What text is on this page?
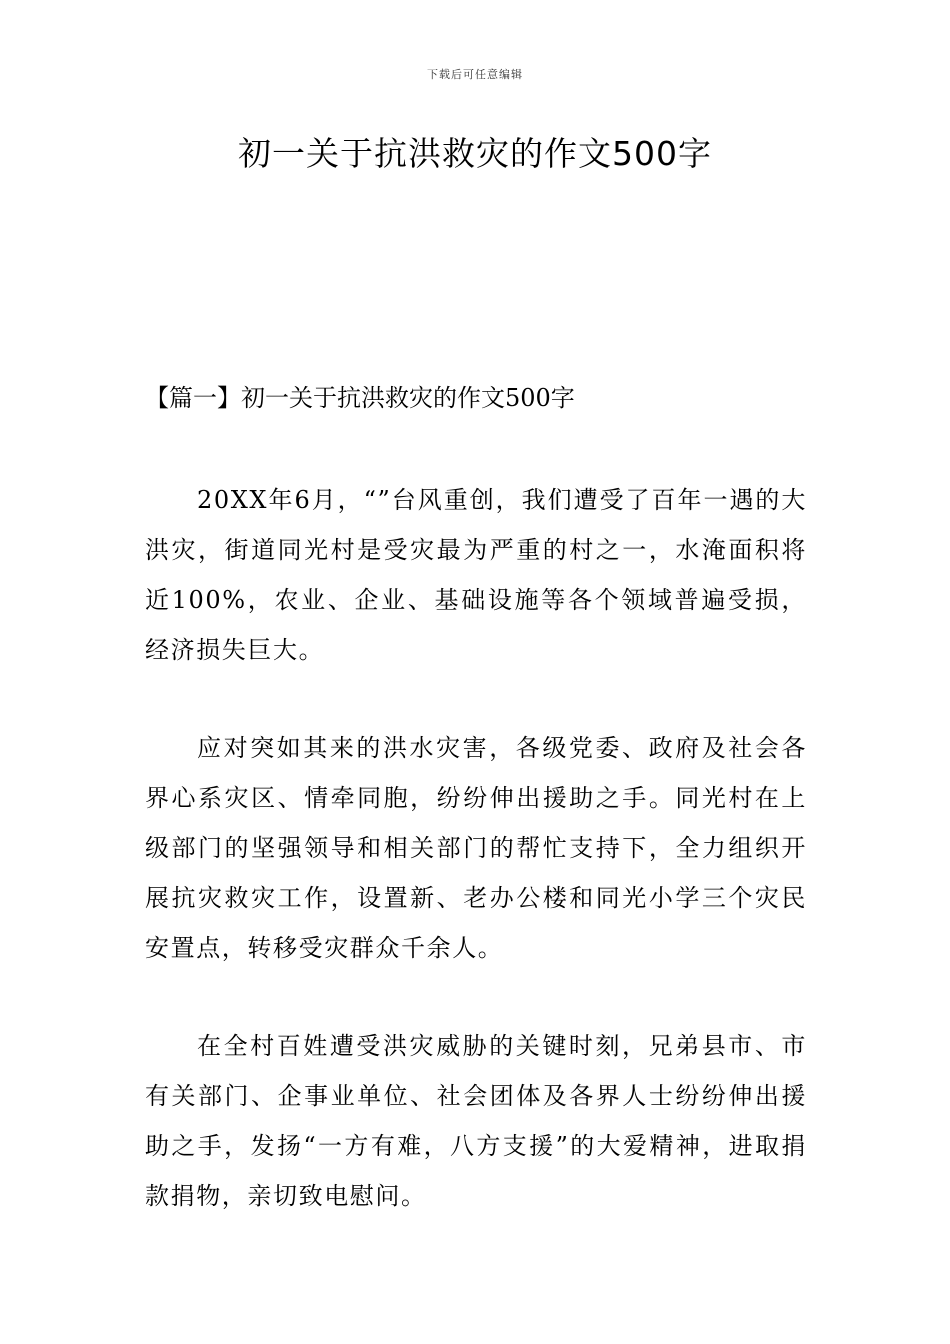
下载后可任意编辑
初一关于抗洪救灾的作文500字
【篇一】初一关于抗洪救灾的作文500字

20XX年6月，“”台风重创，我们遭受了百年一遇的大洪灾，街道同光村是受灾最为严重的村之一，水淹面积将近100%，农业、企业、基础设施等各个领域普遍受损，经济损失巨大。

应对突如其来的洪水灾害，各级党委、政府及社会各界心系灾区、情牵同胞，纷纷伸出援助之手。同光村在上级部门的坚强领导和相关部门的帮忙支持下，全力组织开展抗灾救灾工作，设置新、老办公楼和同光小学三个灾民安置点，转移受灾群众千余人。

在全村百姓遭受洪灾威胁的关键时刻，兄弟县市、市有关部门、企事业单位、社会团体及各界人士纷纷伸出援助之手，发扬“一方有难，八方支援”的大爱精神，进取捐款捐物，亲切致电慰问。
